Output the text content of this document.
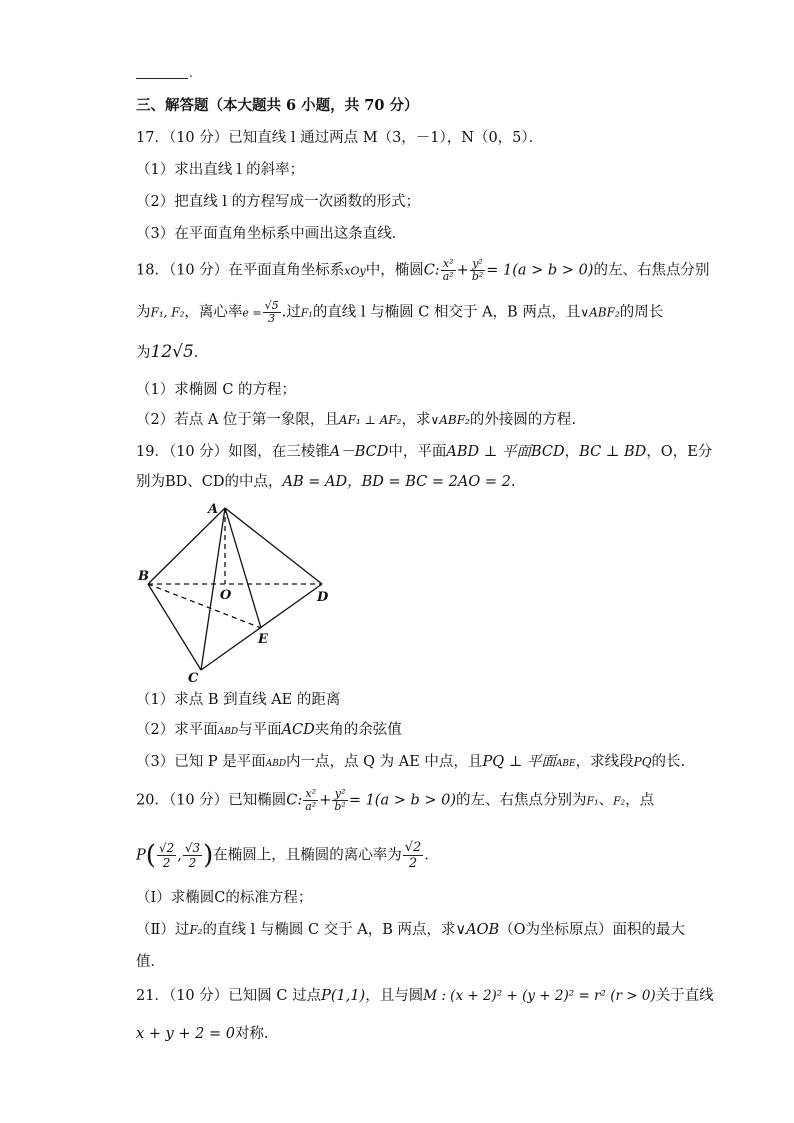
.
三、解答题（本大题共 6 小题，共 70 分）
17．（10 分）已知直线 l 通过两点 M（3，－1），N（0，5）．
（1）求出直线 l 的斜率；
（2）把直线 l 的方程写成一次函数的形式；
（3）在平面直角坐标系中画出这条直线．
18．（10 分）在平面直角坐标系xOy中，椭圆C: $\frac{\text{x²}}{\text{a²}} + \frac{\text{y²}}{\text{b²}} = 1(a > b > 0)$的左、右焦点分别
为F₁, F₂，离心率$e = \frac{√5}{3}$ .过F₁的直线 l 与椭圆 C 相交于 A，B 两点，且∨ABF₂的周长
为12√5.
（1）求椭圆 C 的方程；
（2）若点 A 位于第一象限，且AF₁ ⊥ AF₂，求∨ABF₂的外接圆的方程.
19．（10 分）如图，在三棱锥A－BCD中，平面ABD ⊥ 平面BCD，BC ⊥ BD，O，E分
别为BD、CD的中点，AB = AD，BD = BC = 2AO = 2.
A
B
C
D
O
E
（1）求点 B 到直线 AE 的距离
（2）求平面ABD与平面ACD夹角的余弦值
（3）已知 P 是平面ABD内一点，点 Q 为 AE 中点，且PQ ⊥ 平面ABE，求线段PQ的长.
20．（10 分）已知椭圆C: $\frac{\text{x²}}{\text{a²}} + \frac{\text{y²}}{\text{b²}} = 1(a > b > 0)$的左、右焦点分别为F₁、F₂，点
$P( \frac{√2}{2}$ , $\frac{√3}{2}$ )在椭圆上，且椭圆的离心率为 $\frac{√2}{2}$ ．
（Ⅰ）求椭圆C的标准方程；
（Ⅱ）过F₂的直线 l 与椭圆 C 交于 A，B 两点，求∨AOB（O为坐标原点）面积的最大
值．
21．（10 分）已知圆 C 过点P(1,1)，且与圆M : (x + 2)² + (y + 2)² = r² (r > 0)关于直线
x + y + 2 = 0对称.
